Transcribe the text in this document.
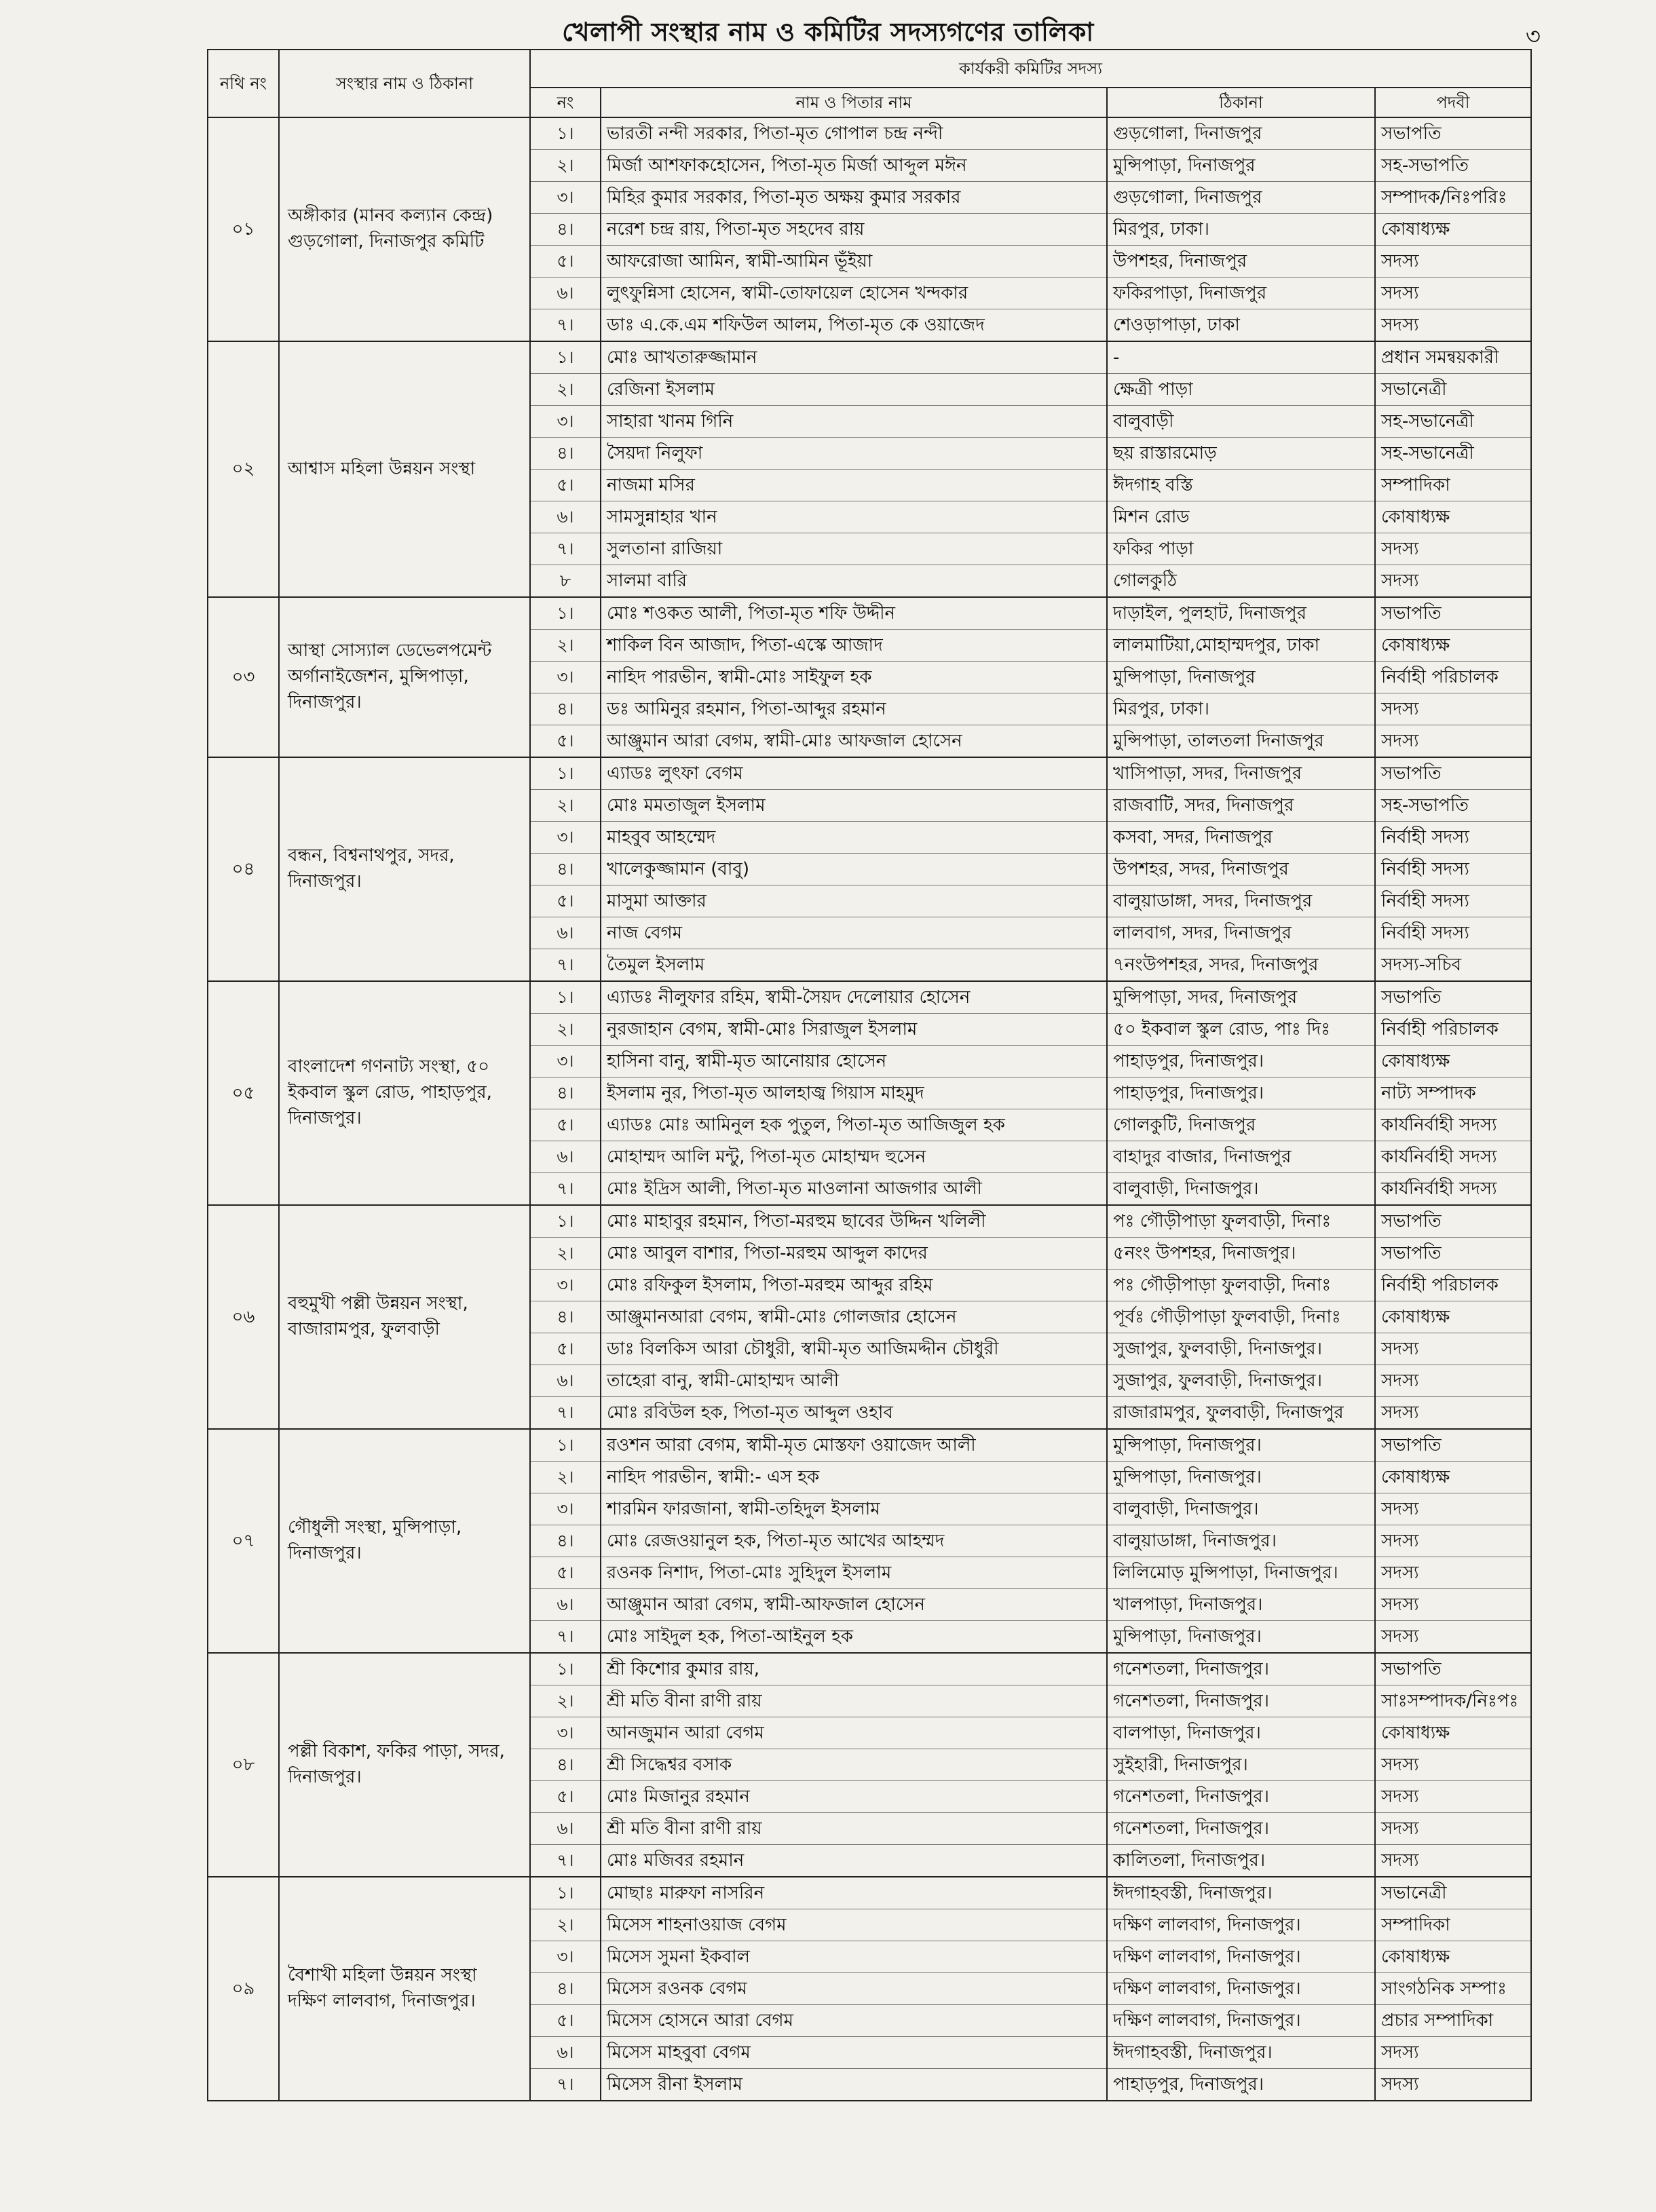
খেলাপী সংস্থার নাম ও কমিটির সদস্যগণের তালিকা	৩
নথি নং	সংস্থার নাম ও ঠিকানা	কার্যকরী কমিটির সদস্য			
		নং	নাম ও পিতার নাম	ঠিকানা	পদবী
০১	অঙ্গীকার (মানব কল্যান কেন্দ্র) গুড়গোলা, দিনাজপুর কমিটি	১।	ভারতী নন্দী সরকার, পিতা-মৃত গোপাল চন্দ্র নন্দী	গুড়গোলা, দিনাজপুর	সভাপতি
		২।	মির্জা আশফাকহোসেন, পিতা-মৃত মির্জা আব্দুল মঈন	মুন্সিপাড়া, দিনাজপুর	সহ-সভাপতি
		৩।	মিহির কুমার সরকার, পিতা-মৃত অক্ষয় কুমার সরকার	গুড়গোলা, দিনাজপুর	সম্পাদক/নিঃপরিঃ
		৪।	নরেশ চন্দ্র রায়, পিতা-মৃত সহদেব রায়	মিরপুর, ঢাকা।	কোষাধ্যক্ষ
		৫।	আফরোজা আমিন, স্বামী-আমিন ভূঁইয়া	উপশহর, দিনাজপুর	সদস্য
		৬।	লুৎফুন্নিসা হোসেন, স্বামী-তোফায়েল হোসেন খন্দকার	ফকিরপাড়া, দিনাজপুর	সদস্য
		৭।	ডাঃ এ.কে.এম শফিউল আলম, পিতা-মৃত কে ওয়াজেদ	শেওড়াপাড়া, ঢাকা	সদস্য
০২	আশ্বাস মহিলা উন্নয়ন সংস্থা	১।	মোঃ আখতারুজ্জামান	-	প্রধান সমন্বয়কারী
		২।	রেজিনা ইসলাম	ক্ষেত্রী পাড়া	সভানেত্রী
		৩।	সাহারা খানম গিনি	বালুবাড়ী	সহ-সভানেত্রী
		৪।	সৈয়দা নিলুফা	ছয় রাস্তারমোড়	সহ-সভানেত্রী
		৫।	নাজমা মসির	ঈদগাহ বস্তি	সম্পাদিকা
		৬।	সামসুন্নাহার খান	মিশন রোড	কোষাধ্যক্ষ
		৭।	সুলতানা রাজিয়া	ফকির পাড়া	সদস্য
		৮	সালমা বারি	গোলকুঠি	সদস্য
০৩	আস্থা সোস্যাল ডেভেলপমেন্ট অর্গানাইজেশন, মুন্সিপাড়া, দিনাজপুর।	১।	মোঃ শওকত আলী, পিতা-মৃত শফি উদ্দীন	দাড়াইল, পুলহাট, দিনাজপুর	সভাপতি
		২।	শাকিল বিন আজাদ, পিতা-এস্কে আজাদ	লালমাটিয়া,মোহাম্মদপুর, ঢাকা	কোষাধ্যক্ষ
		৩।	নাহিদ পারভীন, স্বামী-মোঃ সাইফুল হক	মুন্সিপাড়া, দিনাজপুর	নির্বাহী পরিচালক
		৪।	ডঃ আমিনুর রহমান, পিতা-আব্দুর রহমান	মিরপুর, ঢাকা।	সদস্য
		৫।	আঞ্জুমান আরা বেগম, স্বামী-মোঃ আফজাল হোসেন	মুন্সিপাড়া, তালতলা দিনাজপুর	সদস্য
০৪	বন্ধন, বিশ্বনাথপুর, সদর, দিনাজপুর।	১।	এ্যাডঃ লুৎফা বেগম	খাসিপাড়া, সদর, দিনাজপুর	সভাপতি
		২।	মোঃ মমতাজুল ইসলাম	রাজবাটি, সদর, দিনাজপুর	সহ-সভাপতি
		৩।	মাহবুব আহম্মেদ	কসবা, সদর, দিনাজপুর	নির্বাহী সদস্য
		৪।	খালেকুজ্জামান (বাবু)	উপশহর, সদর, দিনাজপুর	নির্বাহী সদস্য
		৫।	মাসুমা আক্তার	বালুয়াডাঙ্গা, সদর, দিনাজপুর	নির্বাহী সদস্য
		৬।	নাজ বেগম	লালবাগ, সদর, দিনাজপুর	নির্বাহী সদস্য
		৭।	তৈমুল ইসলাম	৭নংউপশহর, সদর, দিনাজপুর	সদস্য-সচিব
০৫	বাংলাদেশ গণনাট্য সংস্থা, ৫০ ইকবাল স্কুল রোড, পাহাড়পুর, দিনাজপুর।	১।	এ্যাডঃ নীলুফার রহিম, স্বামী-সৈয়দ দেলোয়ার হোসেন	মুন্সিপাড়া, সদর, দিনাজপুর	সভাপতি
		২।	নুরজাহান বেগম, স্বামী-মোঃ সিরাজুল ইসলাম	৫০ ইকবাল স্কুল রোড, পাঃ দিঃ	নির্বাহী পরিচালক
		৩।	হাসিনা বানু, স্বামী-মৃত আনোয়ার হোসেন	পাহাড়পুর, দিনাজপুর।	কোষাধ্যক্ষ
		৪।	ইসলাম নুর, পিতা-মৃত আলহাজ্ব গিয়াস মাহমুদ	পাহাড়পুর, দিনাজপুর।	নাট্য সম্পাদক
		৫।	এ্যাডঃ মোঃ আমিনুল হক পুতুল, পিতা-মৃত আজিজুল হক	গোলকুটি, দিনাজপুর	কার্যনির্বাহী সদস্য
		৬।	মোহাম্মদ আলি মন্টু, পিতা-মৃত মোহাম্মদ হুসেন	বাহাদুর বাজার, দিনাজপুর	কার্যনির্বাহী সদস্য
		৭।	মোঃ ইদ্রিস আলী, পিতা-মৃত মাওলানা আজগার আলী	বালুবাড়ী, দিনাজপুর।	কার্যনির্বাহী সদস্য
০৬	বহুমুখী পল্লী উন্নয়ন সংস্থা, বাজারামপুর, ফুলবাড়ী	১।	মোঃ মাহাবুর রহমান, পিতা-মরহুম ছাবের উদ্দিন খলিলী	পঃ গৌড়ীপাড়া ফুলবাড়ী, দিনাঃ	সভাপতি
		২।	মোঃ আবুল বাশার, পিতা-মরহুম আব্দুল কাদের	৫নংং উপশহর, দিনাজপুর।	সভাপতি
		৩।	মোঃ রফিকুল ইসলাম, পিতা-মরহুম আব্দুর রহিম	পঃ গৌড়ীপাড়া ফুলবাড়ী, দিনাঃ	নির্বাহী পরিচালক
		৪।	আঞ্জুমানআরা বেগম, স্বামী-মোঃ গোলজার হোসেন	পূর্বঃ গৌড়ীপাড়া ফুলবাড়ী, দিনাঃ	কোষাধ্যক্ষ
		৫।	ডাঃ বিলকিস আরা চৌধুরী, স্বামী-মৃত আজিমদ্দীন চৌধুরী	সুজাপুর, ফুলবাড়ী, দিনাজপুর।	সদস্য
		৬।	তাহেরা বানু, স্বামী-মোহাম্মদ আলী	সুজাপুর, ফুলবাড়ী, দিনাজপুর।	সদস্য
		৭।	মোঃ রবিউল হক, পিতা-মৃত আব্দুল ওহাব	রাজারামপুর, ফুলবাড়ী, দিনাজপুর	সদস্য
০৭	গৌধুলী সংস্থা, মুন্সিপাড়া, দিনাজপুর।	১।	রওশন আরা বেগম, স্বামী-মৃত মোস্তফা ওয়াজেদ আলী	মুন্সিপাড়া, দিনাজপুর।	সভাপতি
		২।	নাহিদ পারভীন, স্বামী:- এস হক	মুন্সিপাড়া, দিনাজপুর।	কোষাধ্যক্ষ
		৩।	শারমিন ফারজানা, স্বামী-তহিদুল ইসলাম	বালুবাড়ী, দিনাজপুর।	সদস্য
		৪।	মোঃ রেজওয়ানুল হক, পিতা-মৃত আখের আহম্মদ	বালুয়াডাঙ্গা, দিনাজপুর।	সদস্য
		৫।	রওনক নিশাদ, পিতা-মোঃ সুহিদুল ইসলাম	লিলিমোড় মুন্সিপাড়া, দিনাজপুর।	সদস্য
		৬।	আঞ্জুমান আরা বেগম, স্বামী-আফজাল হোসেন	খালপাড়া, দিনাজপুর।	সদস্য
		৭।	মোঃ সাইদুল হক, পিতা-আইনুল হক	মুন্সিপাড়া, দিনাজপুর।	সদস্য
০৮	পল্লী বিকাশ, ফকির পাড়া, সদর, দিনাজপুর।	১।	শ্রী কিশোর কুমার রায়,	গনেশতলা, দিনাজপুর।	সভাপতি
		২।	শ্রী মতি বীনা রাণী রায়	গনেশতলা, দিনাজপুর।	সাঃসম্পাদক/নিঃপঃ
		৩।	আনজুমান আরা বেগম	বালপাড়া, দিনাজপুর।	কোষাধ্যক্ষ
		৪।	শ্রী সিদ্ধেশ্বর বসাক	সুইহারী, দিনাজপুর।	সদস্য
		৫।	মোঃ মিজানুর রহমান	গনেশতলা, দিনাজপুর।	সদস্য
		৬।	শ্রী মতি বীনা রাণী রায়	গনেশতলা, দিনাজপুর।	সদস্য
		৭।	মোঃ মজিবর রহমান	কালিতলা, দিনাজপুর।	সদস্য
০৯	বৈশাখী মহিলা উন্নয়ন সংস্থা দক্ষিণ লালবাগ, দিনাজপুর।	১।	মোছাঃ মারুফা নাসরিন	ঈদগাহবস্তী, দিনাজপুর।	সভানেত্রী
		২।	মিসেস শাহনাওয়াজ বেগম	দক্ষিণ লালবাগ, দিনাজপুর।	সম্পাদিকা
		৩।	মিসেস সুমনা ইকবাল	দক্ষিণ লালবাগ, দিনাজপুর।	কোষাধ্যক্ষ
		৪।	মিসেস রওনক বেগম	দক্ষিণ লালবাগ, দিনাজপুর।	সাংগঠনিক সম্পাঃ
		৫।	মিসেস হোসনে আরা বেগম	দক্ষিণ লালবাগ, দিনাজপুর।	প্রচার সম্পাদিকা
		৬।	মিসেস মাহবুবা বেগম	ঈদগাহবস্তী, দিনাজপুর।	সদস্য
		৭।	মিসেস রীনা ইসলাম	পাহাড়পুর, দিনাজপুর।	সদস্য
